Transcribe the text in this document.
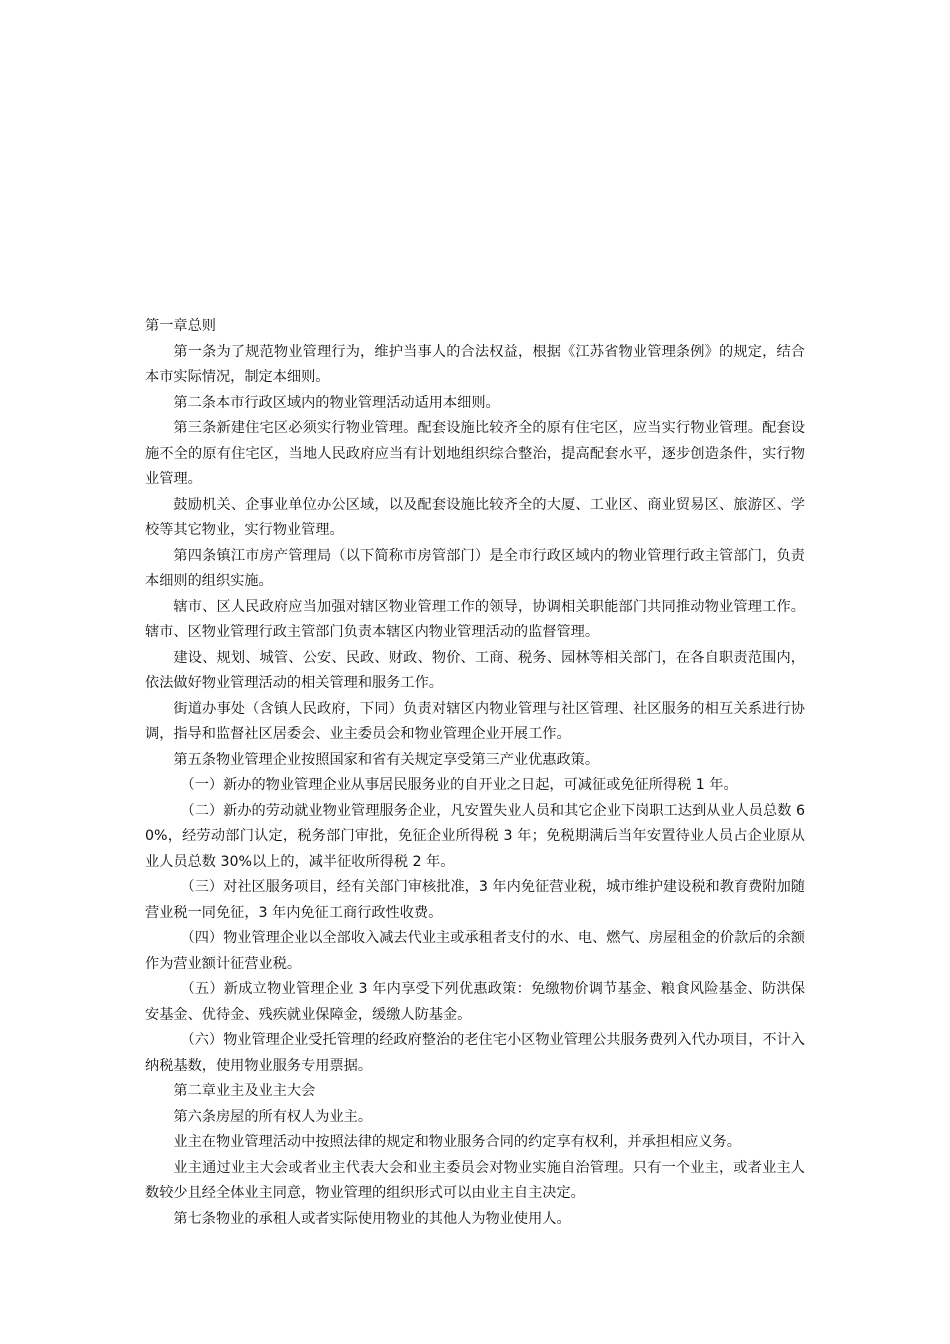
第一章总则

第一条为了规范物业管理行为，维护当事人的合法权益，根据《江苏省物业管理条例》的规定，结合本市实际情况，制定本细则。

第二条本市行政区域内的物业管理活动适用本细则。

第三条新建住宅区必须实行物业管理。配套设施比较齐全的原有住宅区，应当实行物业管理。配套设施不全的原有住宅区，当地人民政府应当有计划地组织综合整治，提高配套水平，逐步创造条件，实行物业管理。

鼓励机关、企事业单位办公区域，以及配套设施比较齐全的大厦、工业区、商业贸易区、旅游区、学校等其它物业，实行物业管理。

第四条镇江市房产管理局（以下简称市房管部门）是全市行政区域内的物业管理行政主管部门，负责本细则的组织实施。

辖市、区人民政府应当加强对辖区物业管理工作的领导，协调相关职能部门共同推动物业管理工作。辖市、区物业管理行政主管部门负责本辖区内物业管理活动的监督管理。

建设、规划、城管、公安、民政、财政、物价、工商、税务、园林等相关部门，在各自职责范围内，依法做好物业管理活动的相关管理和服务工作。

街道办事处（含镇人民政府，下同）负责对辖区内物业管理与社区管理、社区服务的相互关系进行协调，指导和监督社区居委会、业主委员会和物业管理企业开展工作。

第五条物业管理企业按照国家和省有关规定享受第三产业优惠政策。

（一）新办的物业管理企业从事居民服务业的自开业之日起，可减征或免征所得税 1 年。

（二）新办的劳动就业物业管理服务企业，凡安置失业人员和其它企业下岗职工达到从业人员总数 60%，经劳动部门认定，税务部门审批，免征企业所得税 3 年；免税期满后当年安置待业人员占企业原从业人员总数 30%以上的，减半征收所得税 2 年。

（三）对社区服务项目，经有关部门审核批准，3 年内免征营业税，城市维护建设税和教育费附加随营业税一同免征，3 年内免征工商行政性收费。

（四）物业管理企业以全部收入减去代业主或承租者支付的水、电、燃气、房屋租金的价款后的余额作为营业额计征营业税。

（五）新成立物业管理企业 3 年内享受下列优惠政策：免缴物价调节基金、粮食风险基金、防洪保安基金、优待金、残疾就业保障金，缓缴人防基金。

（六）物业管理企业受托管理的经政府整治的老住宅小区物业管理公共服务费列入代办项目，不计入纳税基数，使用物业服务专用票据。

第二章业主及业主大会

第六条房屋的所有权人为业主。

业主在物业管理活动中按照法律的规定和物业服务合同的约定享有权利，并承担相应义务。

业主通过业主大会或者业主代表大会和业主委员会对物业实施自治管理。只有一个业主，或者业主人数较少且经全体业主同意，物业管理的组织形式可以由业主自主决定。

第七条物业的承租人或者实际使用物业的其他人为物业使用人。
